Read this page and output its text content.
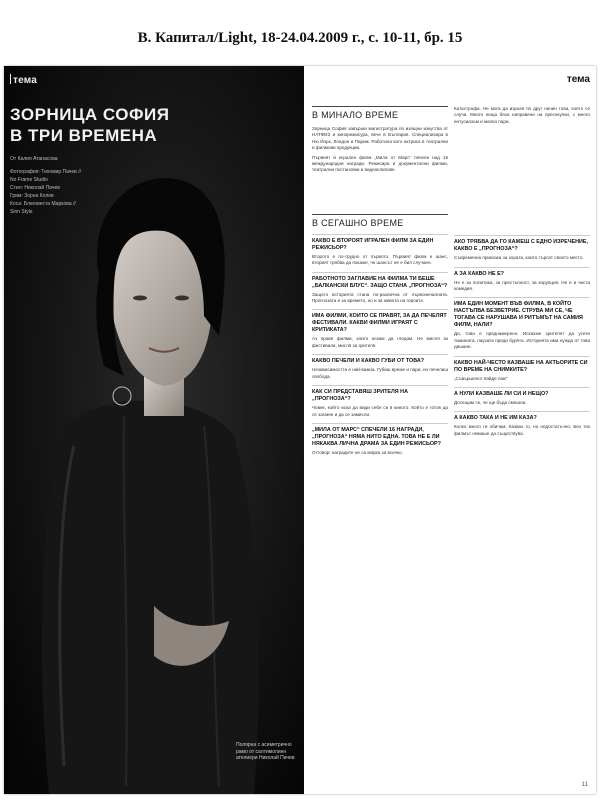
В. Капитал/Light, 18-24.04.2009 г., с. 10-11, бр. 15
тема
ЗОРНИЦА СОФИЯ
В ТРИ ВРЕМЕНА
От Калия Атанасова
Фотография: Тихомир Пачев //
No Frame Studio
Стил: Николай Пачев
Грим: Зорна Колев
Коса: Благовеста Маркова //
Sinn Style
Полярна с асиметрично рамо от салтимолинн ателиери Николай Пачев
тема
В МИНАЛО ВРЕМЕ
Зорница София завърши магистратура по изящни изкуства от НАТФИЗ и кинорежисура, вече в България. Специализира в Ню Йорк, Лондон и Париж. Работила като актриса в театрални и филмови продукции.
Първият ѝ игрален филм „Мила от Марс“ печели над 16 международни награди. Режисира и документални филми, театрални постановки и видеоклипове.
В СЕГАШНО ВРЕМЕ
КАКВО Е ВТОРОЯТ ИГРАЛЕН ФИЛМ ЗА ЕДИН РЕЖИСЬОР?
Второто е по-трудно от първото. Първият филм е шанс, вторият трябва да покаже, че шансът не е бил случаен.
РАБОТНОТО ЗАГЛАВИЕ НА ФИЛМА ТИ БЕШЕ „БАЛКАНСКИ БЛУС“. ЗАЩО СТАНА „ПРОГНОЗА“?
Защото историята стана по-различна от първоначалната. Прогнозата е за времето, но и за живота на героите.
ИМА ФИЛМИ, КОИТО СЕ ПРАВЯТ, ЗА ДА ПЕЧЕЛЯТ ФЕСТИВАЛИ. КАКВИ ФИЛМИ ИГРАЯТ С КРИТИКАТА?
Аз правя филми, които искам да гледам. Не мисля за фестивали, мисля за зрителя.
КАКВО ПЕЧЕЛИ И КАКВО ГУБИ ОТ ТОВА?
Независимостта е най-важна. Губиш време и пари, но печелиш свобода.
КАК СИ ПРЕДСТАВЯШ ЗРИТЕЛЯ НА „ПРОГНОЗА“?
Човек, който иска да види себе си в киното. Който е готов да се засмее и да се замисли.
„МИЛА ОТ МАРС“ СПЕЧЕЛИ 16 НАГРАДИ, „ПРОГНОЗА“ НЯМА НИТО ЕДНА. ТОВА НЕ Е ЛИ НЯКАКВА ЛИЧНА ДРАМА ЗА ЕДИН РЕЖИСЬОР?
Отговор: наградите не са мярка за всичко.
Катастрофа. Не мога да изразя по друг начин това, което се случи. Много неща бяха направени на пресекулки, с много ентусиазъм и малко пари.
АКО ТРЯБВА ДА ГО КАЖЕШ С ЕДНО ИЗРЕЧЕНИЕ, КАКВО Е „ПРОГНОЗА“?
Съвременна приказка за хората, които търсят своето място.
А ЗА КАКВО НЕ Е?
Не е за политика, за престъпност, за корупция. Не е и чиста комедия.
ИМА ЕДИН МОМЕНТ ВЪВ ФИЛМА, В КОЙТО НАСТЪПВА БЕЗВЕТРИЕ. СТРУВА МИ СЕ, ЧЕ ТОГАВА СЕ НАРУШАВА И РИТЪМЪТ НА САМИЯ ФИЛМ, НАЛИ?
Да, това е преднамерено. Искахме зрителят да усети тишината, паузата преди бурята. Историята има нужда от това дишане.
КАКВО НАЙ-ЧЕСТО КАЗВАШЕ НА АКТЬОРИТЕ СИ ПО ВРЕМЕ НА СНИМКИТЕ?
„Съвършено! Хайде пак!“
А НУЛИ КАЗВАШЕ ЛИ СИ И НЕЩО?
Досещам се, че ще бъда смешна.
А КАКВО ТАКА И НЕ ИМ КАЗА?
Колко много ги обичам. Казвах го, но недостатъчно. Без тях филмът нямаше да съществува.
11
